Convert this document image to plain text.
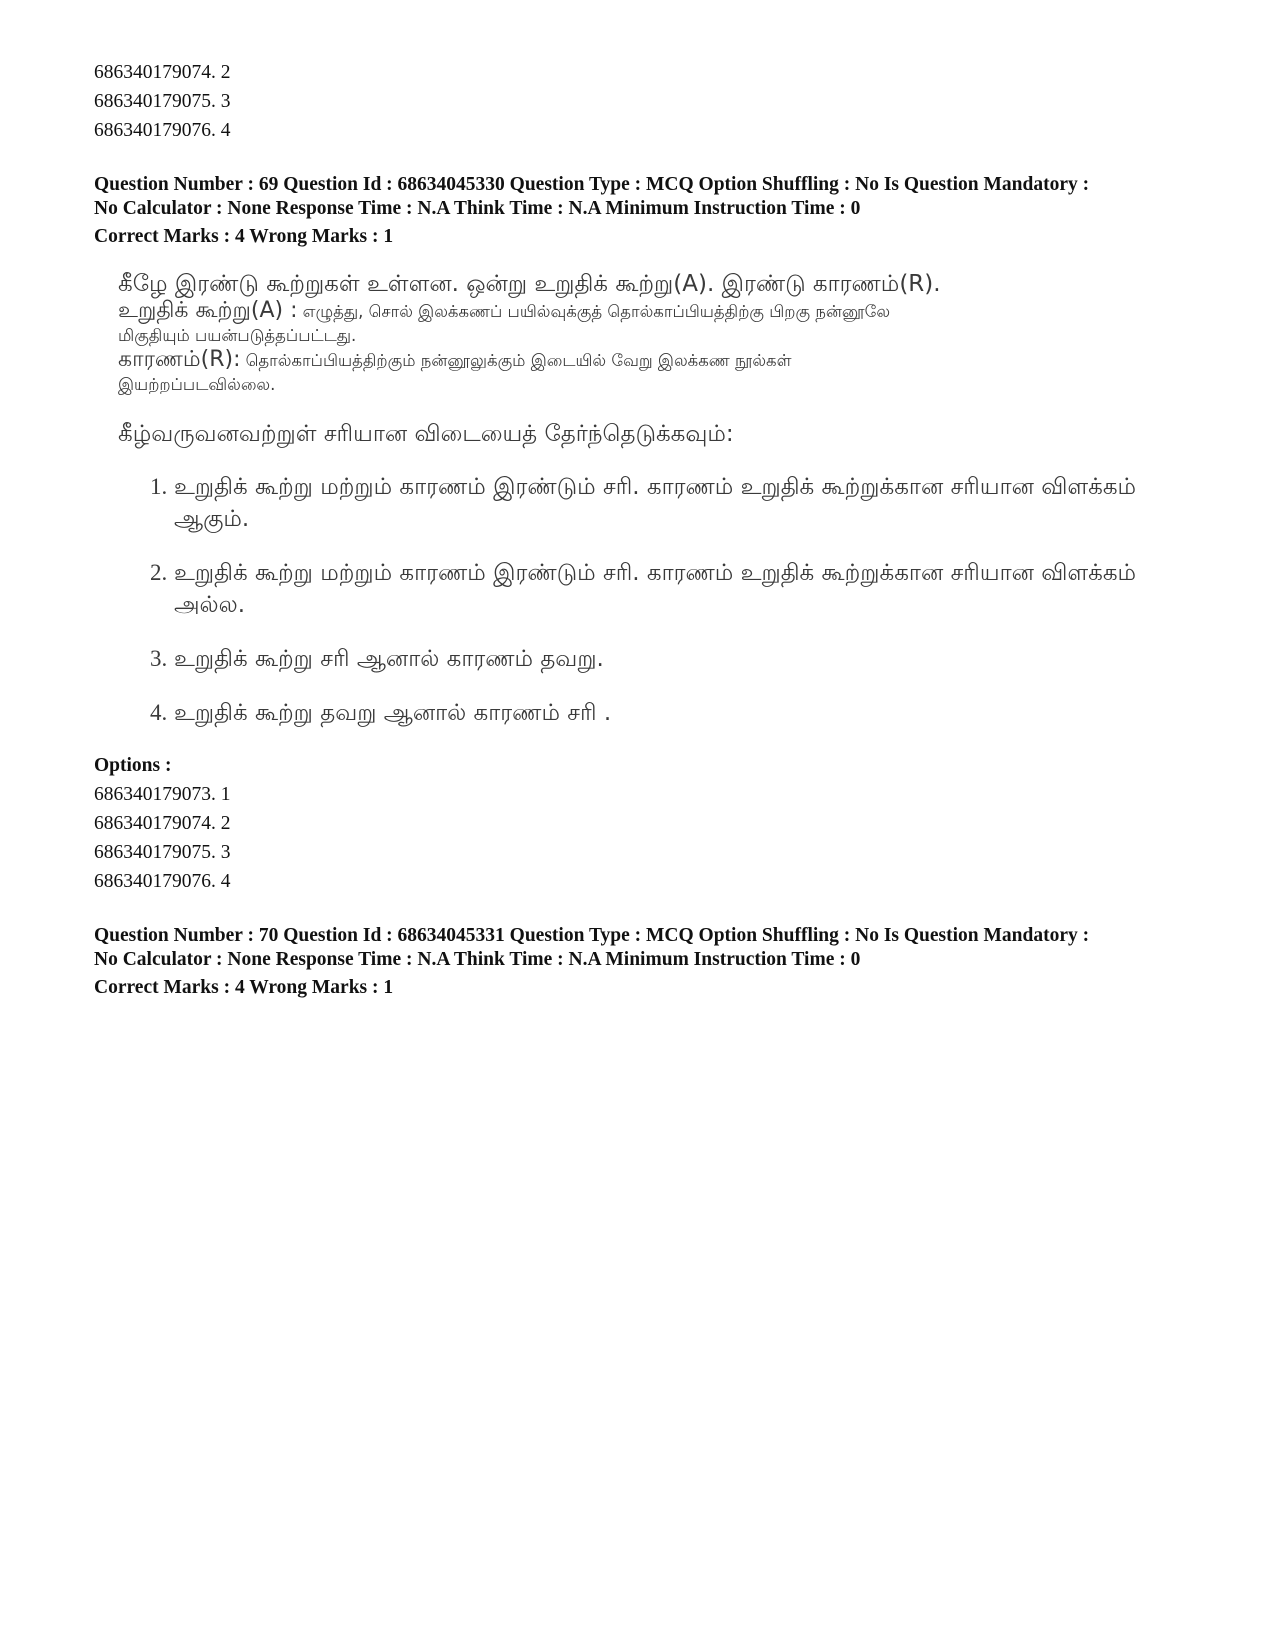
686340179074. 2
686340179075. 3
686340179076. 4
Question Number : 69 Question Id : 68634045330 Question Type : MCQ Option Shuffling : No Is Question Mandatory :
No Calculator : None Response Time : N.A Think Time : N.A Minimum Instruction Time : 0
Correct Marks : 4 Wrong Marks : 1
கீழே இரண்டு கூற்றுகள் உள்ளன. ஒன்று உறுதிக் கூற்று(A). இரண்டு காரணம்(R).
உறுதிக் கூற்று(A) : எழுத்து, சொல் இலக்கணப் பயில்வுக்குத் தொல்காப்பியத்திற்கு பிறகு நன்னூலே
மிகுதியும் பயன்படுத்தப்பட்டது.
காரணம்(R): தொல்காப்பியத்திற்கும் நன்னூலுக்கும் இடையில் வேறு இலக்கண நூல்கள்
இயற்றப்படவில்லை.
கீழ்வருவனவற்றுள் சரியான விடையைத் தேர்ந்தெடுக்கவும்:
1. உறுதிக் கூற்று மற்றும் காரணம் இரண்டும் சரி. காரணம் உறுதிக் கூற்றுக்கான சரியான விளக்கம் ஆகும்.
2. உறுதிக் கூற்று மற்றும் காரணம் இரண்டும் சரி. காரணம் உறுதிக் கூற்றுக்கான சரியான விளக்கம் அல்ல.
3. உறுதிக் கூற்று சரி ஆனால் காரணம் தவறு.
4. உறுதிக் கூற்று தவறு ஆனால் காரணம் சரி .
Options :
686340179073. 1
686340179074. 2
686340179075. 3
686340179076. 4
Question Number : 70 Question Id : 68634045331 Question Type : MCQ Option Shuffling : No Is Question Mandatory :
No Calculator : None Response Time : N.A Think Time : N.A Minimum Instruction Time : 0
Correct Marks : 4 Wrong Marks : 1
